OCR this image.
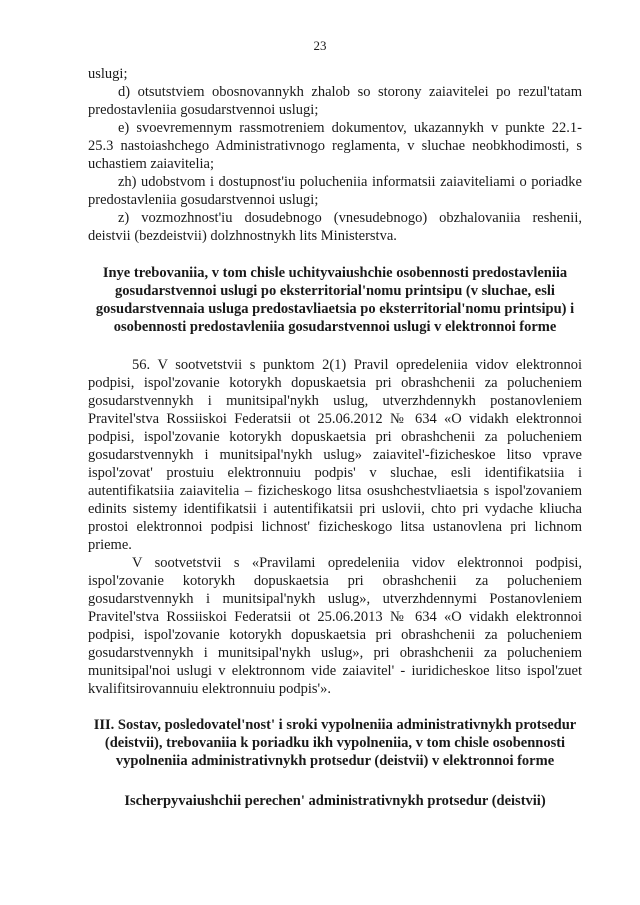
23

uslugi;

d) otsutstviem obosnovannykh zhalob so storony zaiavitelei po rezul'tatam predostavleniia gosudarstvennoi uslugi;

e) svoevremennym rassmotreniem dokumentov, ukazannykh v punkte 22.1-25.3 nastoiashchego Administrativnogo reglamenta, v sluchae neobkhodimosti, s uchastiem zaiavitelia;

zh) udobstvom i dostupnost'iu polucheniia informatsii zaiaviteliami o poriadke predostavleniia gosudarstvennoi uslugi;

z) vozmozhnost'iu dosudebnogo (vnesudebnogo) obzhalovaniia reshenii, deistvii (bezdeistvii) dolzhnostnykh lits Ministerstva.

Inye trebovaniia, v tom chisle uchityvaiushchie osobennosti predostavleniia gosudarstvennoi uslugi po eksterritorial'nomu printsipu (v sluchae, esli gosudarstvennaia usluga predostavliaetsia po eksterritorial'nomu printsipu) i osobennosti predostavleniia gosudarstvennoi uslugi v elektronnoi forme

56. V sootvetstvii s punktom 2(1) Pravil opredeleniia vidov elektronnoi podpisi, ispol'zovanie kotorykh dopuskaetsia pri obrashchenii za polucheniem gosudarstvennykh i munitsipal'nykh uslug, utverzhdennykh postanovleniem Pravitel'stva Rossiiskoi Federatsii ot 25.06.2012 № 634 «O vidakh elektronnoi podpisi, ispol'zovanie kotorykh dopuskaetsia pri obrashchenii za polucheniem gosudarstvennykh i munitsipal'nykh uslug» zaiavitel'-fizicheskoe litso vprave ispol'zovat' prostuiu elektronnuiu podpis' v sluchae, esli identifikatsiia i autentifikatsiia zaiavitelia – fizicheskogo litsa osushchestvliaetsia s ispol'zovaniem edinits sistemy identifikatsii i autentifikatsii pri uslovii, chto pri vydache kliucha prostoi elektronnoi podpisi lichnost' fizicheskogo litsa ustanovlena pri lichnom prieme.

V sootvetstvii s «Pravilami opredeleniia vidov elektronnoi podpisi, ispol'zovanie kotorykh dopuskaetsia pri obrashchenii za polucheniem gosudarstvennykh i munitsipal'nykh uslug», utverzhdennymi Postanovleniem Pravitel'stva Rossiiskoi Federatsii ot 25.06.2013 № 634 «O vidakh elektronnoi podpisi, ispol'zovanie kotorykh dopuskaetsia pri obrashchenii za polucheniem gosudarstvennykh i munitsipal'nykh uslug», pri obrashchenii za polucheniem munitsipal'noi uslugi v elektronnom vide zaiavitel' - iuridicheskoe litso ispol'zuet kvalifitsirovannuiu elektronnuiu podpis'».

III. Sostav, posledovatel'nost' i sroki vypolneniia administrativnykh protsedur (deistvii), trebovaniia k poriadku ikh vypolneniia, v tom chisle osobennosti vypolneniia administrativnykh protsedur (deistvii) v elektronnoi forme

Ischerpyvaiushchii perechen' administrativnykh protsedur (deistvii)
